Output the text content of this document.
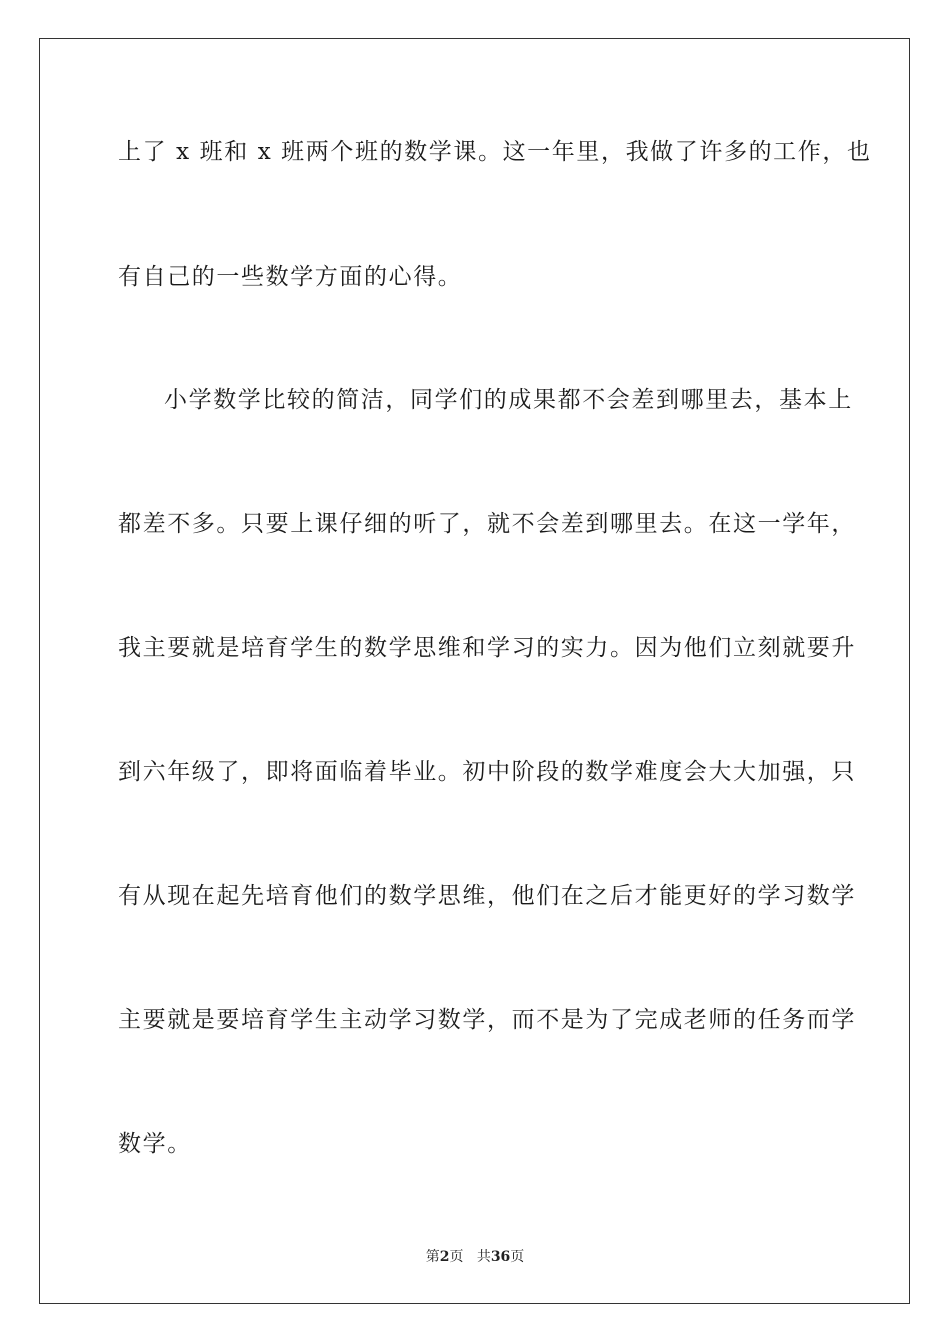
上了 x 班和 x 班两个班的数学课。这一年里，我做了许多的工作，也
有自己的一些数学方面的心得。
小学数学比较的简洁，同学们的成果都不会差到哪里去，基本上
都差不多。只要上课仔细的听了，就不会差到哪里去。在这一学年，
我主要就是培育学生的数学思维和学习的实力。因为他们立刻就要升
到六年级了，即将面临着毕业。初中阶段的数学难度会大大加强，只
有从现在起先培育他们的数学思维，他们在之后才能更好的学习数学
主要就是要培育学生主动学习数学，而不是为了完成老师的任务而学
数学。
第2页 共36页
